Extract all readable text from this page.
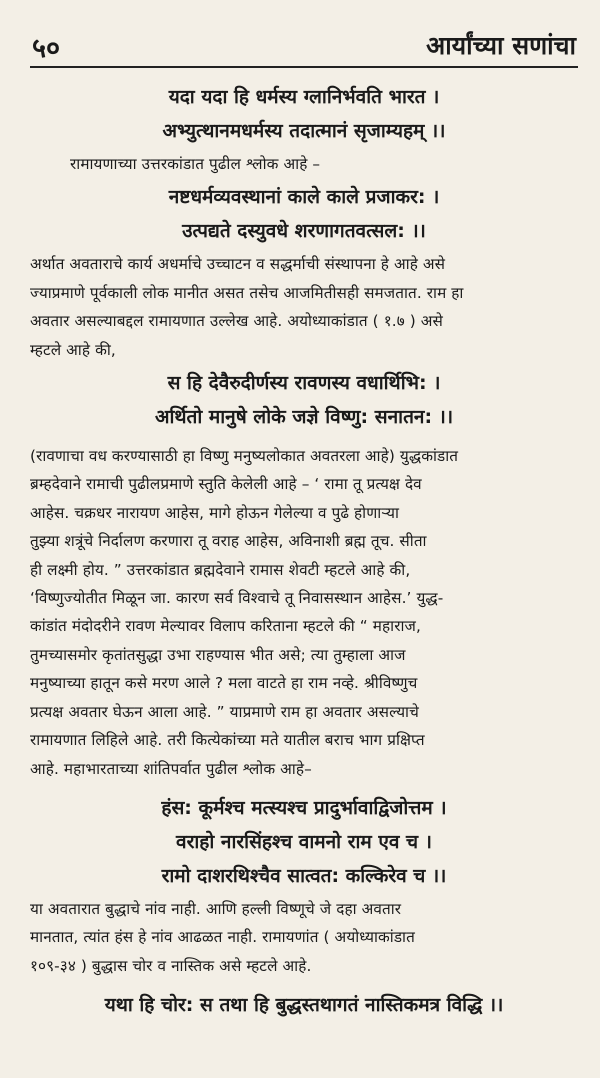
५०	आर्यांच्या सणांचा

यदा यदा हि धर्मस्य ग्लानिर्भवति भारत ।

अभ्युत्थानमधर्मस्य तदात्मानं सृजाम्यहम् ।।

रामायणाच्या उत्तरकांडात पुढील श्लोक आहे –

नष्टधर्मव्यवस्थानां काले काले प्रजाकर: ।

उत्पद्यते दस्युवधे शरणागतवत्सल: ।।

अर्थात अवताराचे कार्य अधर्माचे उच्चाटन व सद्धर्माची संस्थापना हे आहे असे

ज्याप्रमाणे पूर्वकाली लोक मानीत असत तसेच आजमितीसही समजतात. राम हा

अवतार असल्याबद्दल रामायणात उल्लेख आहे. अयोध्याकांडात ( १.७ ) असे

म्हटले आहे की,

स हि देवैरुदीर्णस्य रावणस्य वधार्थिभि: ।

अर्थितो मानुषे लोके जज्ञे विष्णु: सनातन: ।।

(रावणाचा वध करण्यासाठी हा विष्णु मनुष्यलोकात अवतरला आहे) युद्धकांडात

ब्रम्हदेवाने रामाची पुढीलप्रमाणे स्तुति केलेली आहे – ‘ रामा तू प्रत्यक्ष देव

आहेस. चक्रधर नारायण आहेस, मागे होऊन गेलेल्या व पुढे होणाऱ्या

तुझ्या शत्रूंचे निर्दालण करणारा तू वराह आहेस, अविनाशी ब्रह्म तूच. सीता

ही लक्ष्मी होय. ” उत्तरकांडात ब्रह्मदेवाने रामास शेवटी म्हटले आहे की,

‘विष्णुज्योतीत मिळून जा. कारण सर्व विश्वाचे तू निवासस्थान आहेस.’ युद्ध-

कांडांत मंदोदरीने रावण मेल्यावर विलाप करिताना म्हटले की “ महाराज,

तुमच्यासमोर कृतांतसुद्धा उभा राहण्यास भीत असे; त्या तुम्हाला आज

मनुष्याच्या हातून कसे मरण आले ? मला वाटते हा राम नव्हे. श्रीविष्णुच

प्रत्यक्ष अवतार घेऊन आला आहे. ” याप्रमाणे राम हा अवतार असल्याचे

रामायणात लिहिले आहे. तरी कित्येकांच्या मते यातील बराच भाग प्रक्षिप्त

आहे. महाभारताच्या शांतिपर्वात पुढील श्लोक आहे–

हंस: कूर्मश्च मत्स्यश्च प्रादुर्भावाद्विजोत्तम ।

वराहो नारसिंहश्च वामनो राम एव च ।

रामो दाशरथिश्चैव सात्वत: कल्किरेव च ।।

या अवतारात बुद्धाचे नांव नाही. आणि हल्ली विष्णूचे जे दहा अवतार

मानतात, त्यांत हंस हे नांव आढळत नाही. रामायणांत ( अयोध्याकांडात

१०९-३४ ) बुद्धास चोर व नास्तिक असे म्हटले आहे.

यथा हि चोर: स तथा हि बुद्धस्तथागतं नास्तिकमत्र विद्धि ।।
